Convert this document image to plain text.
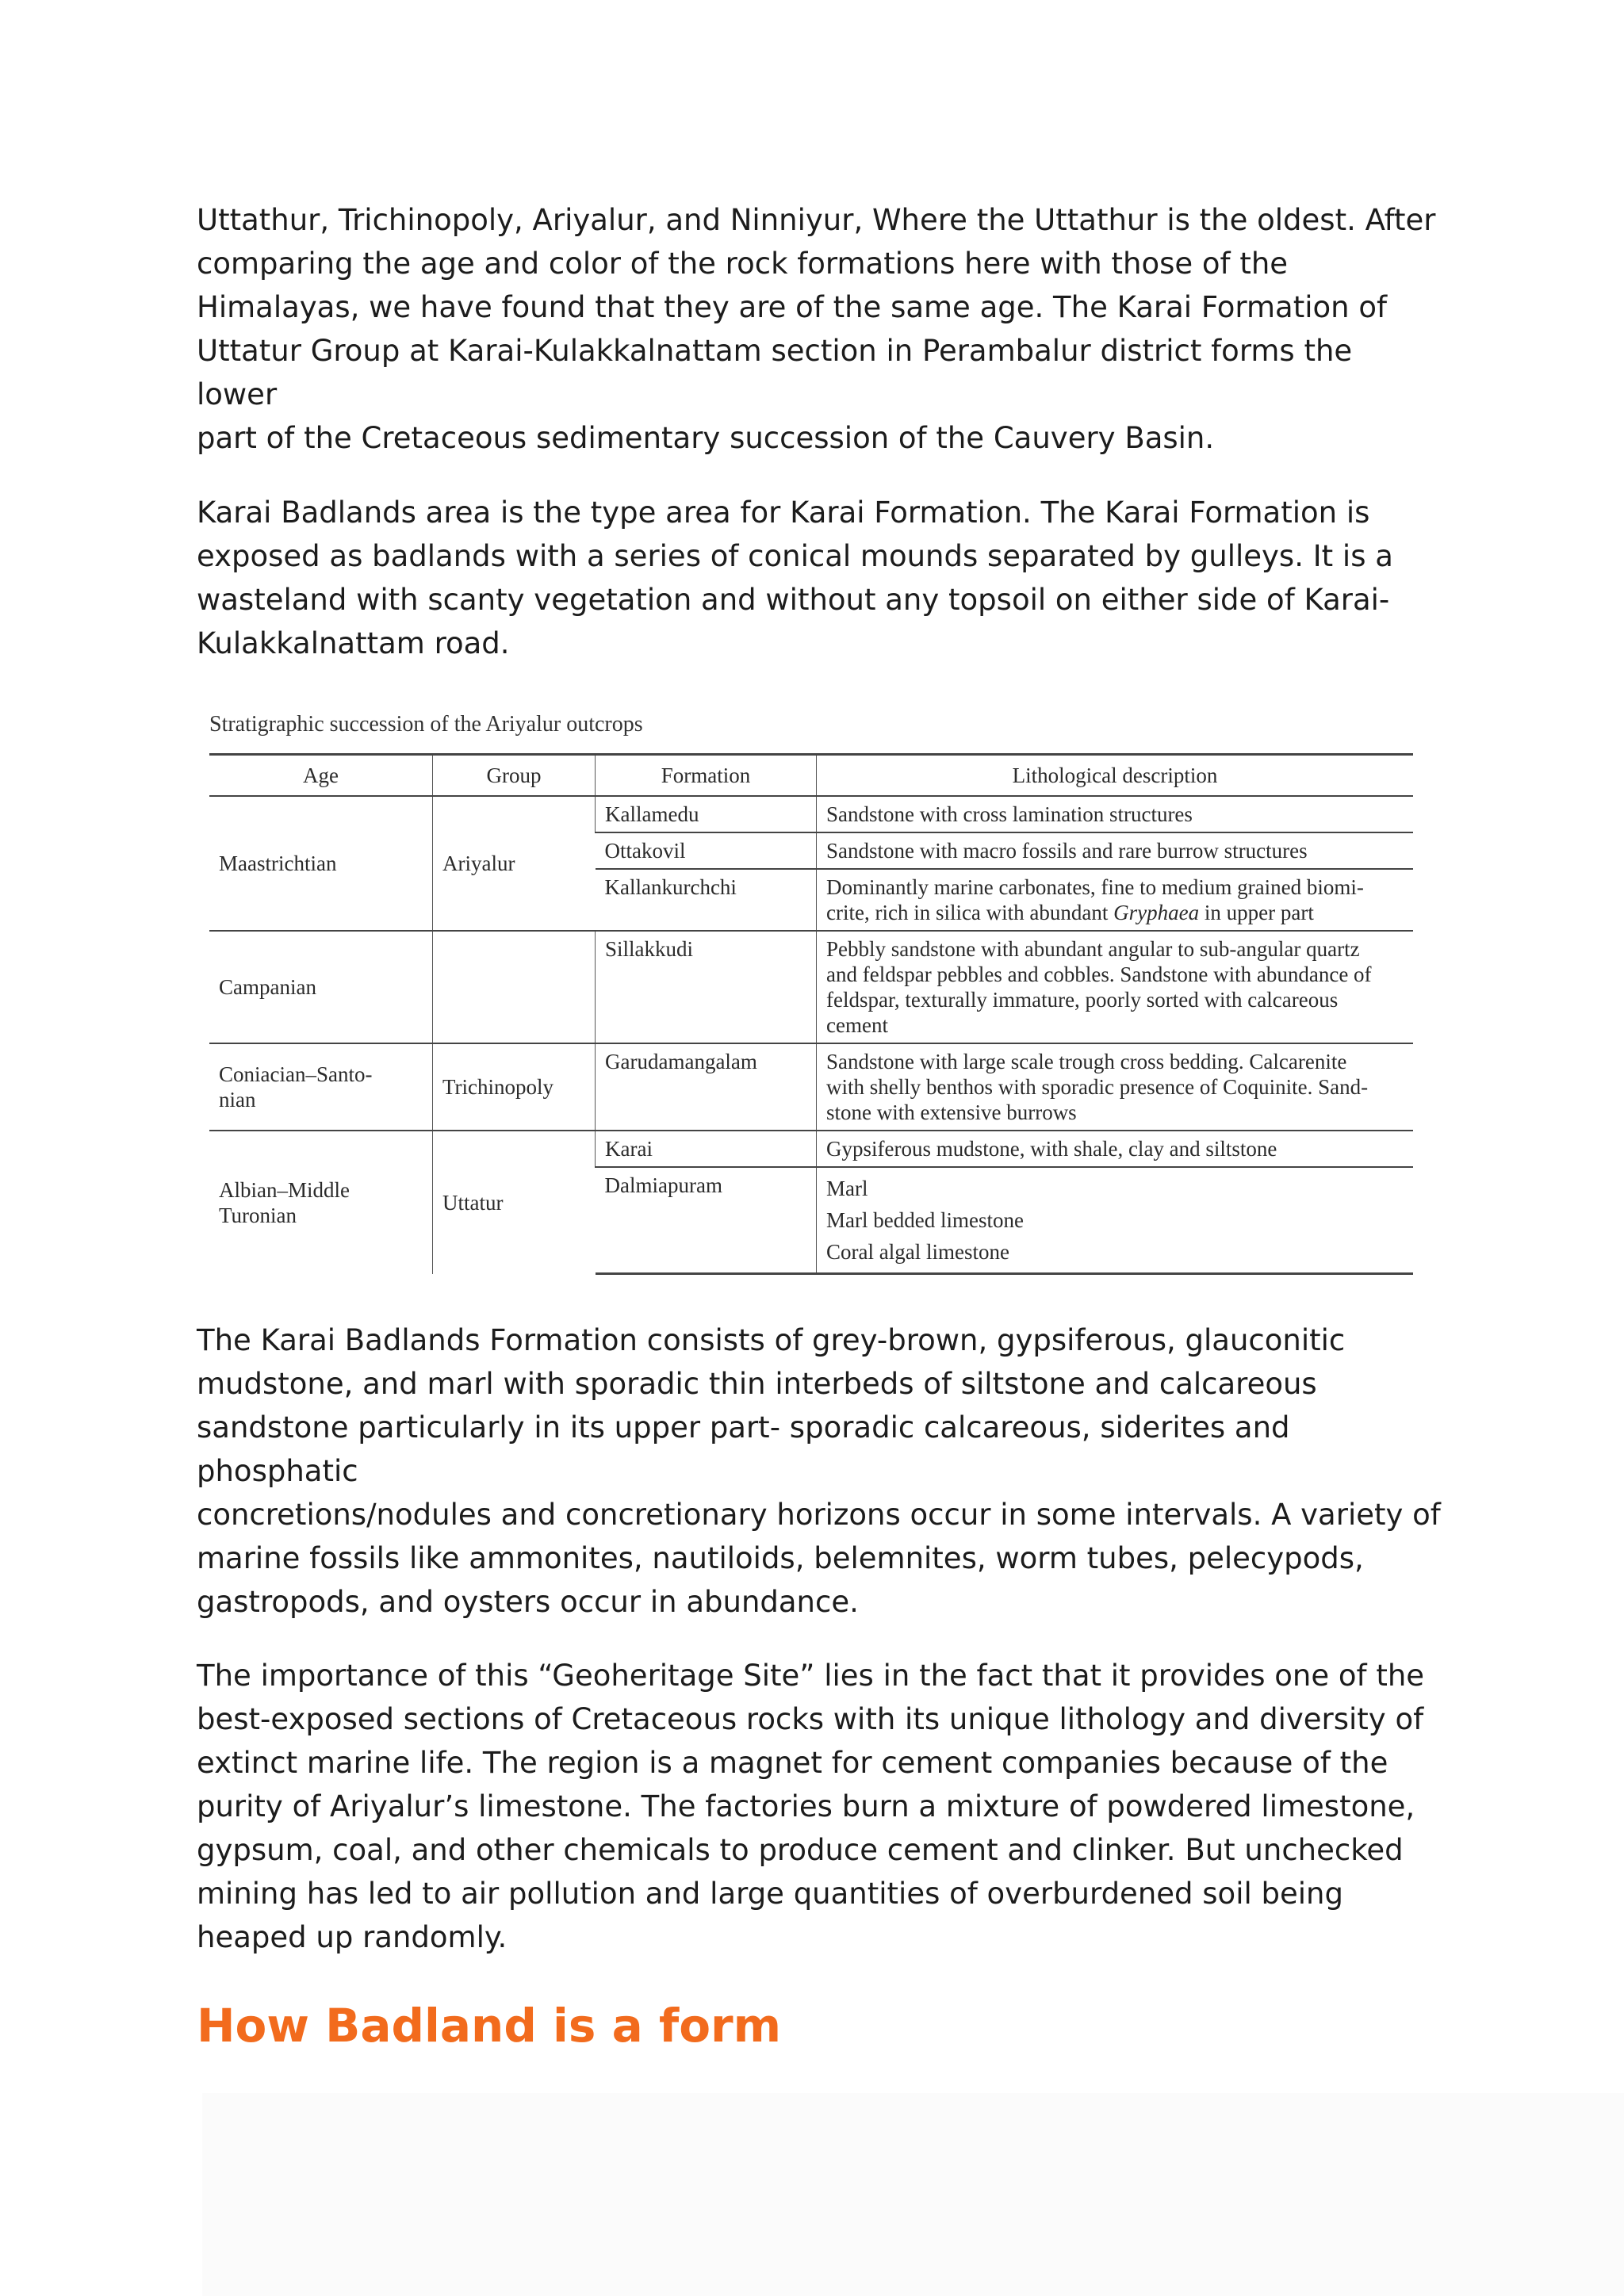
Uttathur, Trichinopoly, Ariyalur, and Ninniyur, Where the Uttathur is the oldest. After
comparing the age and color of the rock formations here with those of the
Himalayas, we have found that they are of the same age. The Karai Formation of
Uttatur Group at Karai-Kulakkalnattam section in Perambalur district forms the lower
part of the Cretaceous sedimentary succession of the Cauvery Basin.

Karai Badlands area is the type area for Karai Formation. The Karai Formation is
exposed as badlands with a series of conical mounds separated by gulleys. It is a
wasteland with scanty vegetation and without any topsoil on either side of Karai-
Kulakkalnattam road.

Stratigraphic succession of the Ariyalur outcrops
Age	Group	Formation	Lithological description
Maastrichtian	Ariyalur	Kallamedu	Sandstone with cross lamination structures
		Ottakovil	Sandstone with macro fossils and rare burrow structures
		Kallankurchchi	Dominantly marine carbonates, fine to medium grained biomi-
crite, rich in silica with abundant Gryphaea in upper part
Campanian		Sillakkudi	Pebbly sandstone with abundant angular to sub-angular quartz
and feldspar pebbles and cobbles. Sandstone with abundance of
feldspar, texturally immature, poorly sorted with calcareous
cement
Coniacian–Santo-
nian	Trichinopoly	Garudamangalam	Sandstone with large scale trough cross bedding. Calcarenite
with shelly benthos with sporadic presence of Coquinite. Sand-
stone with extensive burrows
Albian–Middle
Turonian	Uttatur	Karai	Gypsiferous mudstone, with shale, clay and siltstone
		Dalmiapuram	Marl
Marl bedded limestone
Coral algal limestone

The Karai Badlands Formation consists of grey-brown, gypsiferous, glauconitic
mudstone, and marl with sporadic thin interbeds of siltstone and calcareous
sandstone particularly in its upper part- sporadic calcareous, siderites and phosphatic
concretions/nodules and concretionary horizons occur in some intervals. A variety of
marine fossils like ammonites, nautiloids, belemnites, worm tubes, pelecypods,
gastropods, and oysters occur in abundance.

The importance of this “Geoheritage Site” lies in the fact that it provides one of the
best-exposed sections of Cretaceous rocks with its unique lithology and diversity of
extinct marine life. The region is a magnet for cement companies because of the
purity of Ariyalur’s limestone. The factories burn a mixture of powdered limestone,
gypsum, coal, and other chemicals to produce cement and clinker. But unchecked
mining has led to air pollution and large quantities of overburdened soil being
heaped up randomly.

How Badland is a form
